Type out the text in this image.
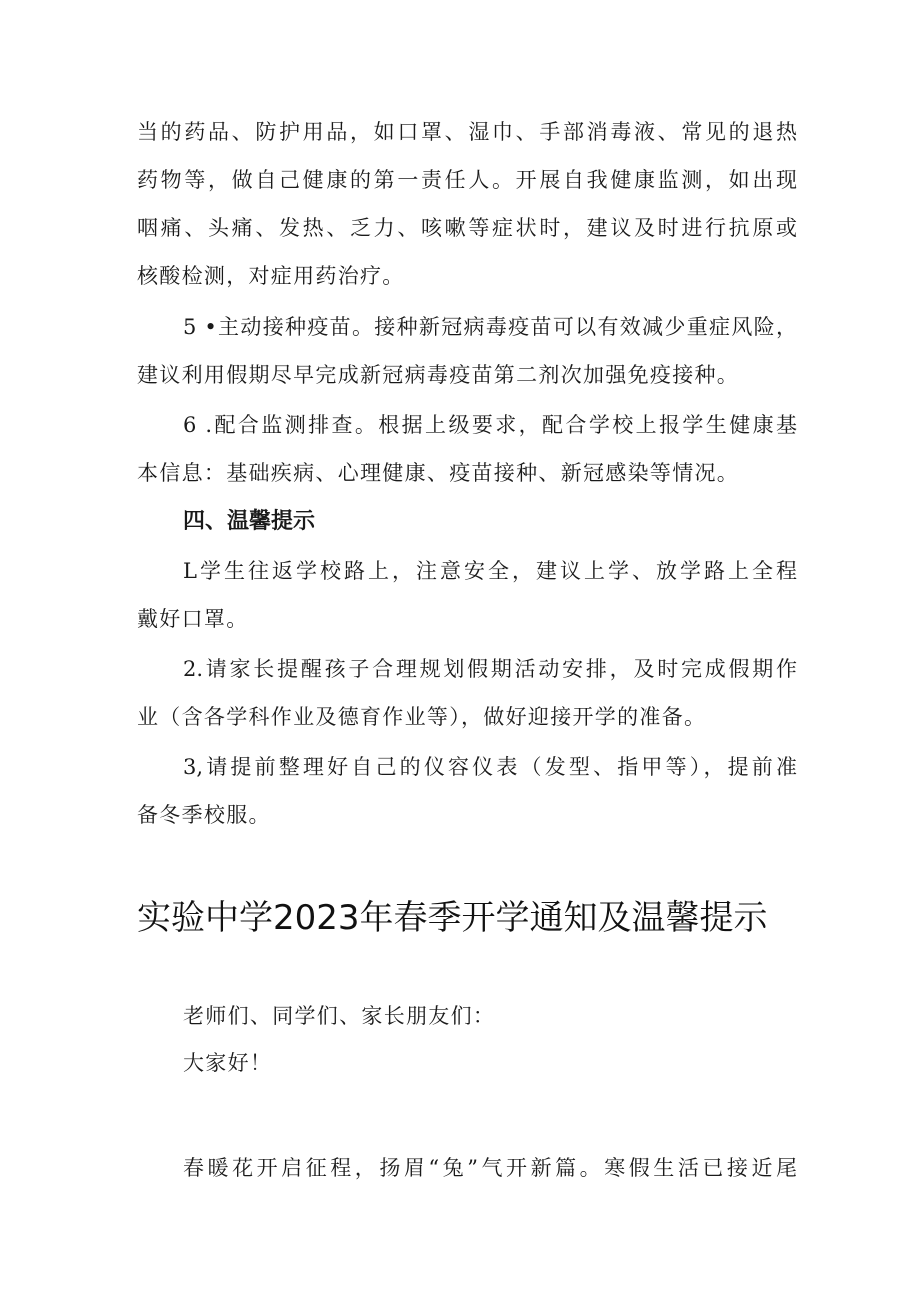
当的药品、防护用品，如口罩、湿巾、手部消毒液、常见的退热
药物等，做自己健康的第一责任人。开展自我健康监测，如出现
咽痛、头痛、发热、乏力、咳嗽等症状时，建议及时进行抗原或
核酸检测，对症用药治疗。
5 •主动接种疫苗。接种新冠病毒疫苗可以有效减少重症风险，
建议利用假期尽早完成新冠病毒疫苗第二剂次加强免疫接种。
6 .配合监测排查。根据上级要求，配合学校上报学生健康基
本信息：基础疾病、心理健康、疫苗接种、新冠感染等情况。
四、温馨提示
L学生往返学校路上，注意安全，建议上学、放学路上全程
戴好口罩。
2.请家长提醒孩子合理规划假期活动安排，及时完成假期作
业（含各学科作业及德育作业等），做好迎接开学的准备。
3,请提前整理好自己的仪容仪表（发型、指甲等），提前准
备冬季校服。
实验中学2023年春季开学通知及温馨提示
老师们、同学们、家长朋友们：
大家好！
春暖花开启征程，扬眉“兔”气开新篇。寒假生活已接近尾
